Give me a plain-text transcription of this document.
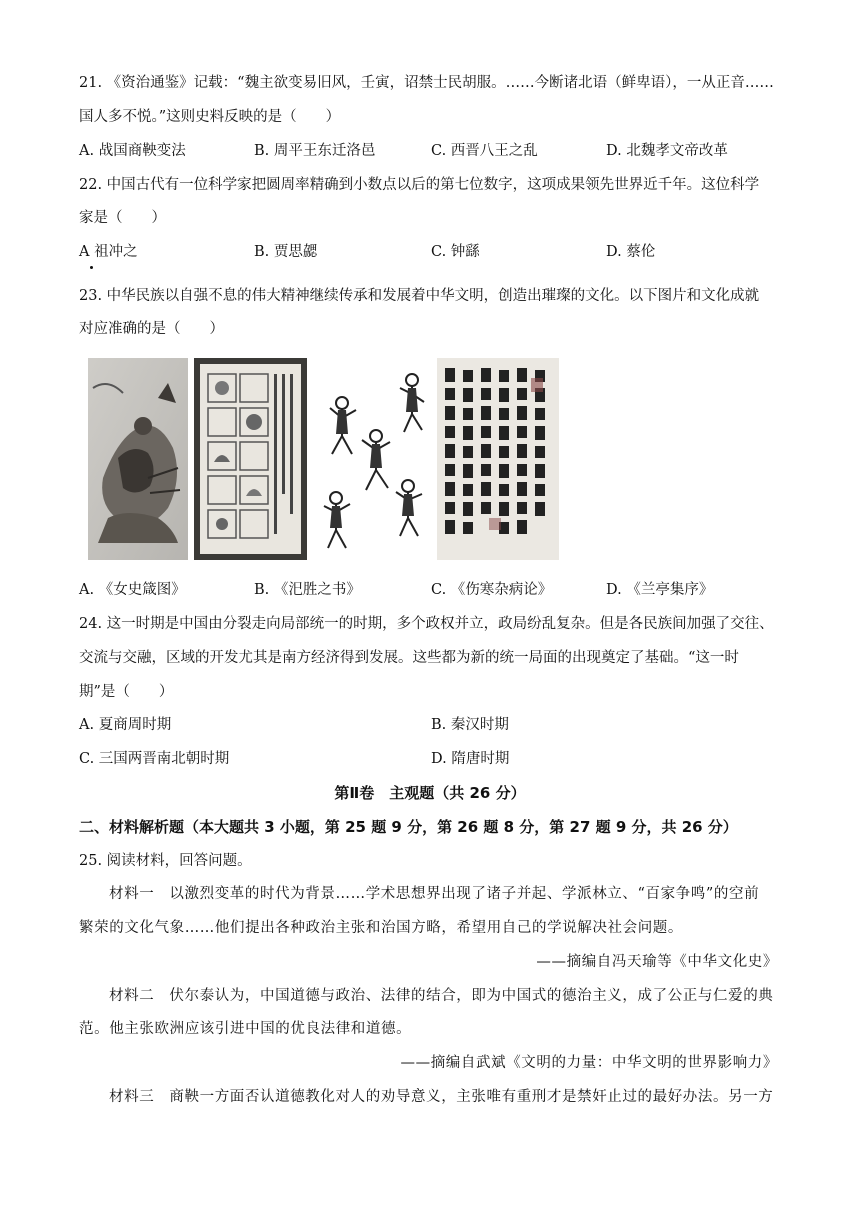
21. 《资治通鉴》记载：“魏主欲变易旧风，壬寅，诏禁士民胡服。……今断诸北语（鲜卑语），一从正音……
国人多不悦。”这则史料反映的是（　　）
A. 战国商鞅变法	B. 周平王东迁洛邑	C. 西晋八王之乱	D. 北魏孝文帝改革
22. 中国古代有一位科学家把圆周率精确到小数点以后的第七位数字，这项成果领先世界近千年。这位科学
家是（　　）
A 祖冲之	B. 贾思勰	C. 钟繇	D. 蔡伦
23. 中华民族以自强不息的伟大精神继续传承和发展着中华文明，创造出璀璨的文化。以下图片和文化成就
对应准确的是（　　）
A. 《女史箴图》	B. 《汜胜之书》	C. 《伤寒杂病论》	D. 《兰亭集序》
24. 这一时期是中国由分裂走向局部统一的时期，多个政权并立，政局纷乱复杂。但是各民族间加强了交往、
交流与交融，区域的开发尤其是南方经济得到发展。这些都为新的统一局面的出现奠定了基础。“这一时
期”是（　　）
A. 夏商周时期	B. 秦汉时期
C. 三国两晋南北朝时期	D. 隋唐时期
第Ⅱ卷　主观题（共 26 分）
二、材料解析题（本大题共 3 小题，第 25 题 9 分，第 26 题 8 分，第 27 题 9 分，共 26 分）
25. 阅读材料，回答问题。
材料一　以激烈变革的时代为背景……学术思想界出现了诸子并起、学派林立、“百家争鸣”的空前
繁荣的文化气象……他们提出各种政治主张和治国方略，希望用自己的学说解决社会问题。
——摘编自冯天瑜等《中华文化史》
材料二　伏尔泰认为，中国道德与政治、法律的结合，即为中国式的德治主义，成了公正与仁爱的典
范。他主张欧洲应该引进中国的优良法律和道德。
——摘编自武斌《文明的力量：中华文明的世界影响力》
材料三　商鞅一方面否认道德教化对人的劝导意义，主张唯有重刑才是禁奸止过的最好办法。另一方
